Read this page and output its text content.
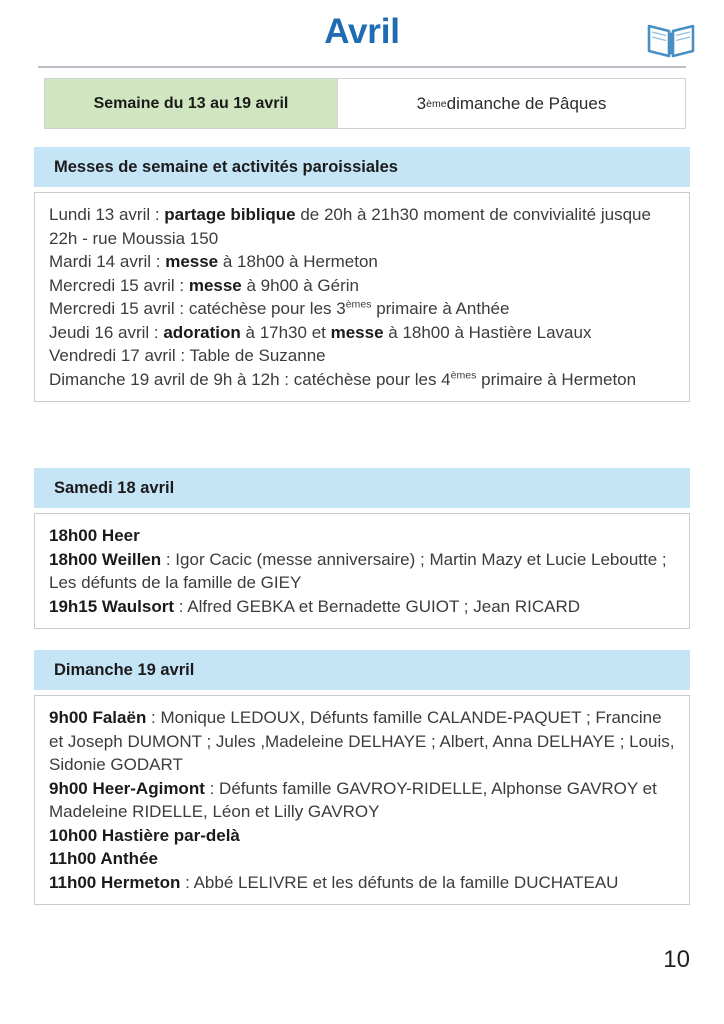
Avril
Semaine du 13 au 19 avril	3 ème dimanche de Pâques
Messes de semaine et activités paroissiales

Lundi 13 avril : partage biblique de 20h à 21h30 moment de convivialité jusque 22h - rue Moussia 150

Mardi 14 avril : messe à 18h00 à Hermeton

Mercredi 15 avril : messe à 9h00 à Gérin

Mercredi 15 avril : catéchèse pour les 3èmes primaire à Anthée

Jeudi 16 avril : adoration à 17h30 et messe à 18h00 à Hastière Lavaux

Vendredi 17 avril : Table de Suzanne

Dimanche 19 avril de 9h à 12h : catéchèse pour les 4èmes primaire à Hermeton

Samedi 18 avril

18h00 Heer

18h00 Weillen : Igor Cacic (messe anniversaire) ; Martin Mazy et Lucie Leboutte ; Les défunts de la famille de GIEY

19h15 Waulsort : Alfred GEBKA et Bernadette GUIOT ; Jean RICARD

Dimanche 19 avril

9h00 Falaën : Monique LEDOUX, Défunts famille CALANDE-PAQUET ; Francine et Joseph DUMONT ; Jules ,Madeleine DELHAYE ; Albert, Anna DELHAYE ; Louis, Sidonie GODART

9h00 Heer-Agimont : Défunts famille GAVROY-RIDELLE, Alphonse GAVROY et Madeleine RIDELLE, Léon et Lilly GAVROY

10h00 Hastière par-delà

11h00 Anthée

11h00 Hermeton : Abbé LELIVRE et les défunts de la famille DUCHATEAU

10
